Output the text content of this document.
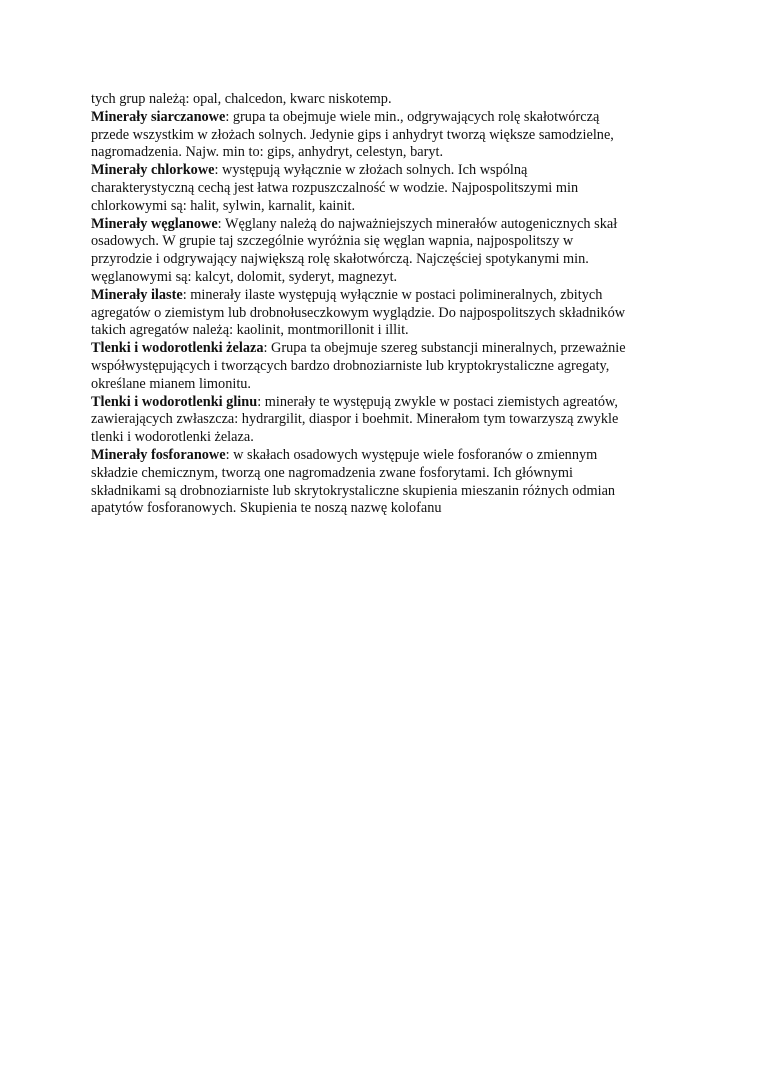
tych grup należą: opal, chalcedon, kwarc niskotemp.

Minerały siarczanowe: grupa ta obejmuje wiele min., odgrywających rolę skałotwórczą
przede wszystkim w złożach solnych. Jedynie gips i anhydryt tworzą większe samodzielne,
nagromadzenia. Najw. min to: gips, anhydryt, celestyn, baryt.

Minerały chlorkowe: występują wyłącznie w złożach solnych. Ich wspólną
charakterystyczną cechą jest łatwa rozpuszczalność w wodzie. Najpospolitszymi min
chlorkowymi są: halit, sylwin, karnalit, kainit.

Minerały węglanowe: Węglany należą do najważniejszych minerałów autogenicznych skał
osadowych. W grupie taj szczególnie wyróżnia się węglan wapnia, najpospolitszy w
przyrodzie i odgrywający największą rolę skałotwórczą. Najczęściej spotykanymi min.
węglanowymi są: kalcyt, dolomit, syderyt, magnezyt.

Minerały ilaste: minerały ilaste występują wyłącznie w postaci polimineralnych, zbitych
agregatów o ziemistym lub drobnołuseczkowym wyglądzie. Do najpospolitszych składników
takich agregatów należą: kaolinit, montmorillonit i illit.

Tlenki i wodorotlenki żelaza: Grupa ta obejmuje szereg substancji mineralnych, przeważnie
współwystępujących i tworzących bardzo drobnoziarniste lub kryptokrystaliczne agregaty,
określane mianem limonitu.

Tlenki i wodorotlenki glinu: minerały te występują zwykle w postaci ziemistych agreatów,
zawierających zwłaszcza: hydrargilit, diaspor i boehmit. Minerałom tym towarzyszą zwykle
tlenki i wodorotlenki żelaza.

Minerały fosforanowe: w skałach osadowych występuje wiele fosforanów o zmiennym
składzie chemicznym, tworzą one nagromadzenia zwane fosforytami. Ich głównymi
składnikami są drobnoziarniste lub skrytokrystaliczne skupienia mieszanin różnych odmian
apatytów fosforanowych. Skupienia te noszą nazwę kolofanu
